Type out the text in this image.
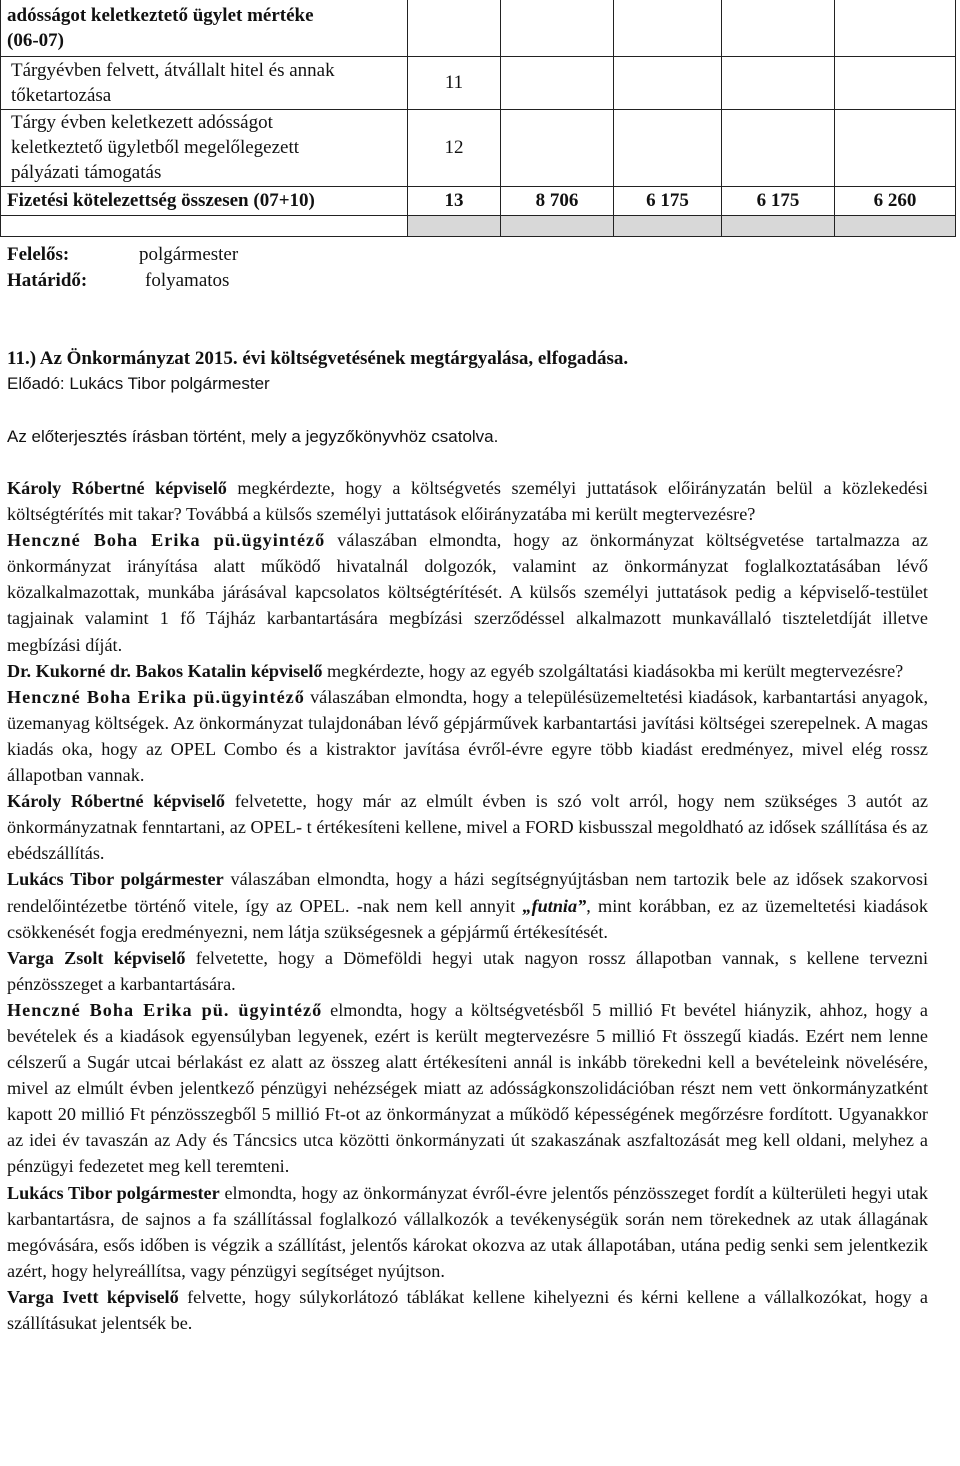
adósságot keletkeztető ügylet mértéke
(06-07)					
Tárgyévben felvett, átvállalt hitel és annak
tőketartozása	11				
Tárgy évben keletkezett adósságot
keletkeztető ügyletből megelőlegezett
pályázati támogatás	12				
Fizetési kötelezettség összesen (07+10)	13	8 706	6 175	6 175	6 260

Felelős:	polgármester
Határidő:	folyamatos
11.) Az Önkormányzat 2015. évi költségvetésének megtárgyalása, elfogadása.
Előadó: Lukács Tibor polgármester
Az előterjesztés írásban történt, mely a jegyzőkönyvhöz csatolva.

Károly Róbertné képviselő megkérdezte, hogy a költségvetés személyi juttatások előirányzatán belül a közlekedési költségtérítés mit takar? Továbbá a külsős személyi juttatások előirányzatába mi került megtervezésre?

Henczné Boha Erika pü.ügyintéző válaszában elmondta, hogy az önkormányzat költségvetése tartalmazza az önkormányzat irányítása alatt működő hivatalnál dolgozók, valamint az önkormányzat foglalkoztatásában lévő közalkalmazottak, munkába járásával kapcsolatos költségtérítését. A külsős személyi juttatások pedig a képviselő-testület tagjainak valamint 1 fő Tájház karbantartására megbízási szerződéssel alkalmazott munkavállaló tiszteletdíját illetve megbízási díját.

Dr. Kukorné dr. Bakos Katalin képviselő megkérdezte, hogy az egyéb szolgáltatási kiadásokba mi került megtervezésre?

Henczné Boha Erika pü.ügyintéző válaszában elmondta, hogy a településüzemeltetési kiadások, karbantartási anyagok, üzemanyag költségek. Az önkormányzat tulajdonában lévő gépjárművek karbantartási javítási költségei szerepelnek. A magas kiadás oka, hogy az OPEL Combo és a kistraktor javítása évről-évre egyre több kiadást eredményez, mivel elég rossz állapotban vannak.

Károly Róbertné képviselő felvetette, hogy már az elmúlt évben is szó volt arról, hogy nem szükséges 3 autót az önkormányzatnak fenntartani, az OPEL- t értékesíteni kellene, mivel a FORD kisbusszal megoldható az idősek szállítása és az ebédszállítás.

Lukács Tibor polgármester válaszában elmondta, hogy a házi segítségnyújtásban nem tartozik bele az idősek szakorvosi rendelőintézetbe történő vitele, így az OPEL. -nak nem kell annyit „futnia”, mint korábban, ez az üzemeltetési kiadások csökkenését fogja eredményezni, nem látja szükségesnek a gépjármű értékesítését.

Varga Zsolt képviselő felvetette, hogy a Dömeföldi hegyi utak nagyon rossz állapotban vannak, s kellene tervezni pénzösszeget a karbantartására.

Henczné Boha Erika pü. ügyintéző elmondta, hogy a költségvetésből 5 millió Ft bevétel hiányzik, ahhoz, hogy a bevételek és a kiadások egyensúlyban legyenek, ezért is került megtervezésre 5 millió Ft összegű kiadás. Ezért nem lenne célszerű a Sugár utcai bérlakást ez alatt az összeg alatt értékesíteni annál is inkább törekedni kell a bevételeink növelésére, mivel az elmúlt évben jelentkező pénzügyi nehézségek miatt az adósságkonszolidációban részt nem vett önkormányzatként kapott 20 millió Ft pénzösszegből 5 millió Ft-ot az önkormányzat a működő képességének megőrzésre fordított. Ugyanakkor az idei év tavaszán az Ady és Táncsics utca közötti önkormányzati út szakaszának aszfaltozását meg kell oldani, melyhez a pénzügyi fedezetet meg kell teremteni.

Lukács Tibor polgármester elmondta, hogy az önkormányzat évről-évre jelentős pénzösszeget fordít a külterületi hegyi utak karbantartásra, de sajnos a fa szállítással foglalkozó vállalkozók a tevékenységük során nem törekednek az utak állagának megóvására, esős időben is végzik a szállítást, jelentős károkat okozva az utak állapotában, utána pedig senki sem jelentkezik azért, hogy helyreállítsa, vagy pénzügyi segítséget nyújtson.

Varga Ivett képviselő felvette, hogy súlykorlátozó táblákat kellene kihelyezni és kérni kellene a vállalkozókat, hogy a szállításukat jelentsék be.
